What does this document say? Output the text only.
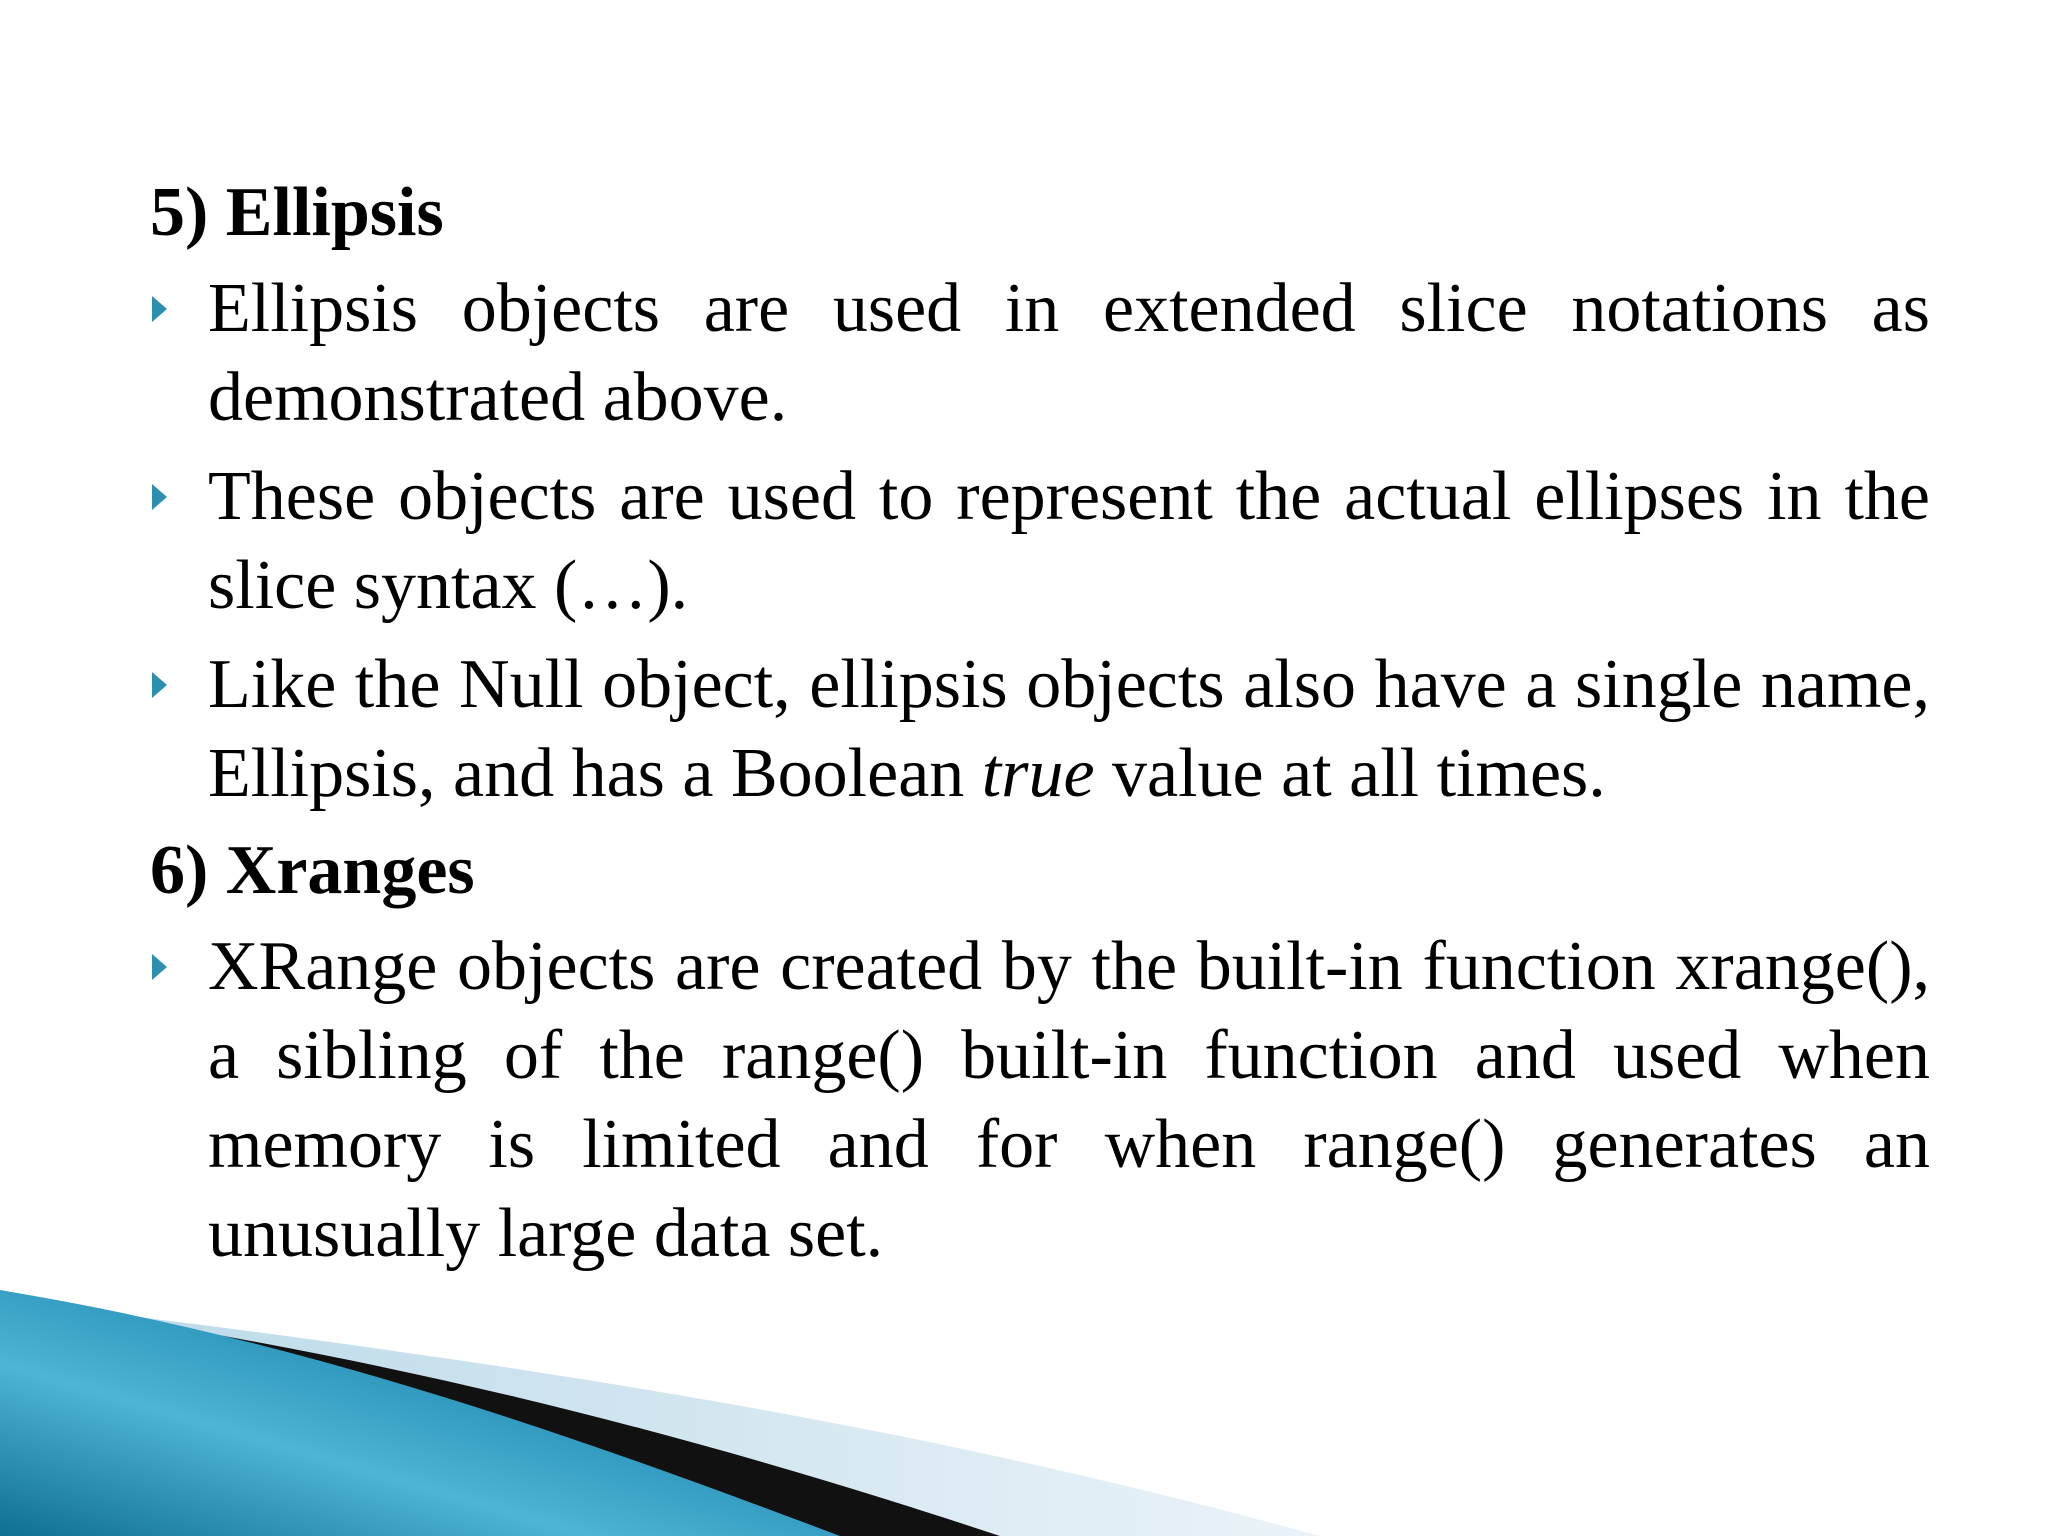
5) Ellipsis
Ellipsis objects are used in extended slice notations as demonstrated above.
These objects are used to represent the actual ellipses in the slice syntax (…).
Like the Null object, ellipsis objects also have a single name, Ellipsis, and has a Boolean true value at all times.
6) Xranges
XRange objects are created by the built-in function xrange(), a sibling of the range() built-in function and used when memory is limited and for when range() generates an unusually large data set.
